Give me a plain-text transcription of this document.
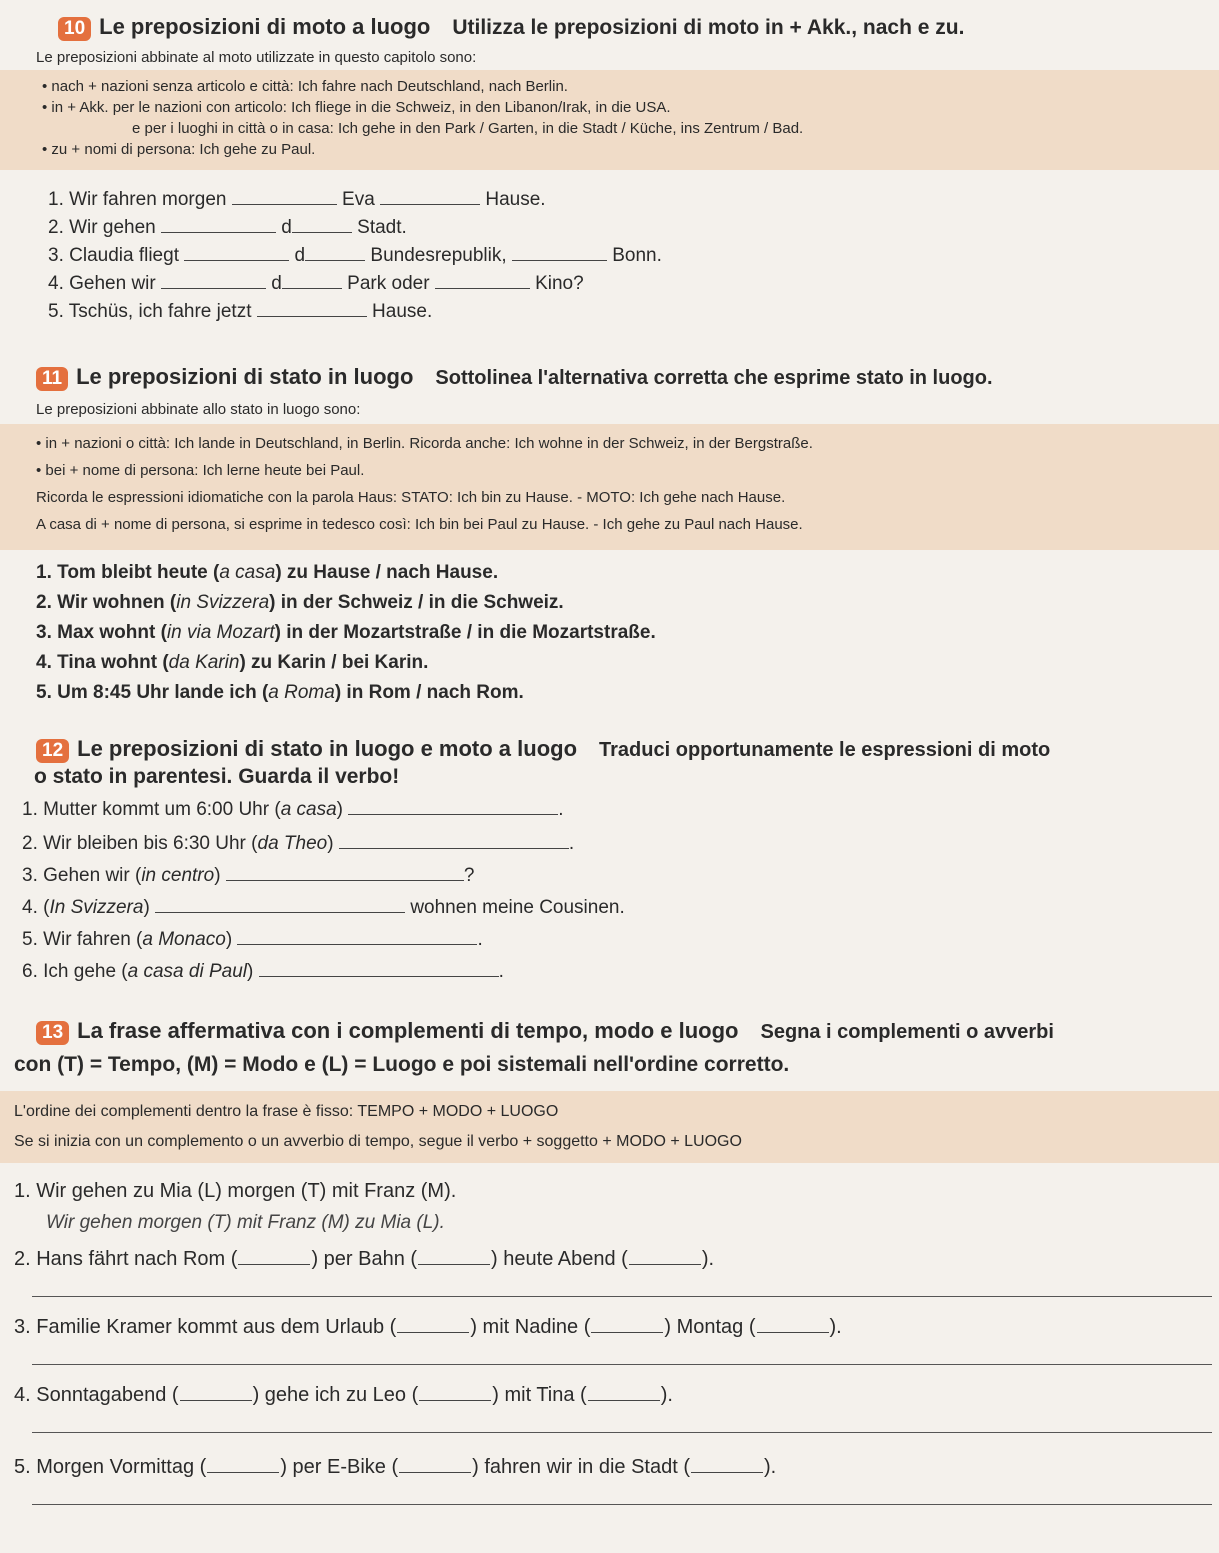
10 Le preposizioni di moto a luogo Utilizza le preposizioni di moto in + Akk., nach e zu.
Le preposizioni abbinate al moto utilizzate in questo capitolo sono:
• nach + nazioni senza articolo e città: Ich fahre nach Deutschland, nach Berlin.
• in + Akk. per le nazioni con articolo: Ich fliege in die Schweiz, in den Libanon/Irak, in die USA.
e per i luoghi in città o in casa: Ich gehe in den Park / Garten, in die Stadt / Küche, ins Zentrum / Bad.
• zu + nomi di persona: Ich gehe zu Paul.
1. Wir fahren morgen	Eva	Hause.
2. Wir gehen	d	Stadt.
3. Claudia fliegt	d	Bundesrepublik,	Bonn.
4. Gehen wir	d	Park oder	Kino?
5. Tschüs, ich fahre jetzt	Hause.
11 Le preposizioni di stato in luogo Sottolinea l'alternativa corretta che esprime stato in luogo.
Le preposizioni abbinate allo stato in luogo sono:
• in + nazioni o città: Ich lande in Deutschland, in Berlin. Ricorda anche: Ich wohne in der Schweiz, in der Bergstraße.
• bei + nome di persona: Ich lerne heute bei Paul.
Ricorda le espressioni idiomatiche con la parola Haus: STATO: Ich bin zu Hause. - MOTO: Ich gehe nach Hause.
A casa di + nome di persona, si esprime in tedesco così: Ich bin bei Paul zu Hause. - Ich gehe zu Paul nach Hause.
1. Tom bleibt heute (a casa) zu Hause / nach Hause.
2. Wir wohnen (in Svizzera) in der Schweiz / in die Schweiz.
3. Max wohnt (in via Mozart) in der Mozartstraße / in die Mozartstraße.
4. Tina wohnt (da Karin) zu Karin / bei Karin.
5. Um 8:45 Uhr lande ich (a Roma) in Rom / nach Rom.
12 Le preposizioni di stato in luogo e moto a luogo Traduci opportunamente le espressioni di moto
o stato in parentesi. Guarda il verbo!
1. Mutter kommt um 6:00 Uhr (a casa)	.
2. Wir bleiben bis 6:30 Uhr (da Theo)	.
3. Gehen wir (in centro)	?
4. (In Svizzera)	wohnen meine Cousinen.
5. Wir fahren (a Monaco)	.
6. Ich gehe (a casa di Paul)	.
13 La frase affermativa con i complementi di tempo, modo e luogo Segna i complementi o avverbi
con (T) = Tempo, (M) = Modo e (L) = Luogo e poi sistemali nell'ordine corretto.
L'ordine dei complementi dentro la frase è fisso: TEMPO + MODO + LUOGO
Se si inizia con un complemento o un avverbio di tempo, segue il verbo + soggetto + MODO + LUOGO
1. Wir gehen zu Mia (L) morgen (T) mit Franz (M).
Wir gehen morgen (T) mit Franz (M) zu Mia (L).
2. Hans fährt nach Rom (	) per Bahn (	) heute Abend (	).
3. Familie Kramer kommt aus dem Urlaub (	) mit Nadine (	) Montag (	).
4. Sonntagabend (	) gehe ich zu Leo (	) mit Tina (	).
5. Morgen Vormittag (	) per E-Bike (	) fahren wir in die Stadt (	).
